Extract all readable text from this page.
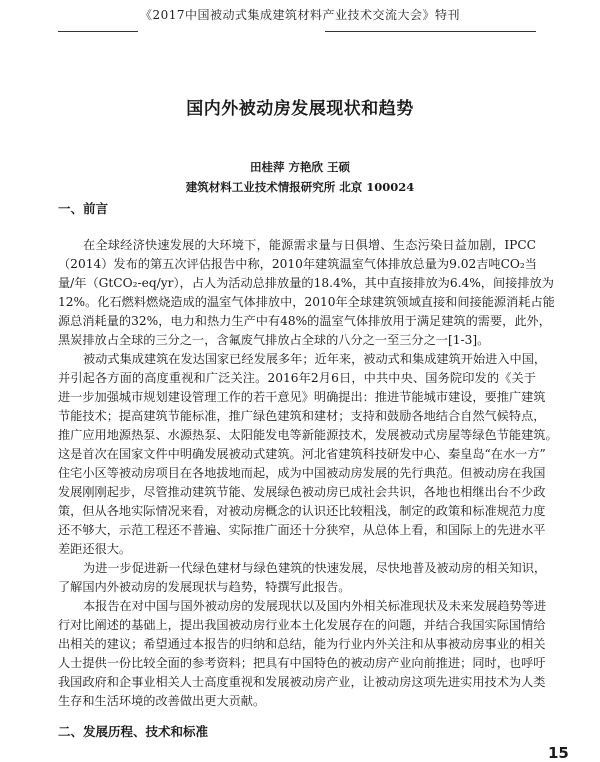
《2017中国被动式集成建筑材料产业技术交流大会》特刊
国内外被动房发展现状和趋势
田桂萍 方艳欣 王硕
建筑材料工业技术情报研究所 北京 100024
一、前言
在全球经济快速发展的大环境下，能源需求量与日俱增、生态污染日益加剧，IPCC
（2014）发布的第五次评估报告中称，2010年建筑温室气体排放总量为9.02吉吨CO₂当
量/年（GtCO₂-eq/yr），占人为活动总排放量的18.4%，其中直接排放为6.4%，间接排放为
12%。化石燃料燃烧造成的温室气体排放中，2010年全球建筑领域直接和间接能源消耗占能
源总消耗量的32%，电力和热力生产中有48%的温室气体排放用于满足建筑的需要，此外，
黑炭排放占全球的三分之一，含氟废气排放占全球的八分之一至三分之一[1-3]。
被动式集成建筑在发达国家已经发展多年；近年来，被动式和集成建筑开始进入中国，
并引起各方面的高度重视和广泛关注。2016年2月6日，中共中央、国务院印发的《关于
进一步加强城市规划建设管理工作的若干意见》明确提出：推进节能城市建设，要推广建筑
节能技术；提高建筑节能标准，推广绿色建筑和建材；支持和鼓励各地结合自然气候特点，
推广应用地源热泵、水源热泵、太阳能发电等新能源技术，发展被动式房屋等绿色节能建筑。
这是首次在国家文件中明确发展被动式建筑。河北省建筑科技研发中心、秦皇岛“在水一方”
住宅小区等被动房项目在各地拔地而起，成为中国被动房发展的先行典范。但被动房在我国
发展刚刚起步，尽管推动建筑节能、发展绿色被动房已成社会共识，各地也相继出台不少政
策，但从各地实际情况来看，对被动房概念的认识还比较粗浅，制定的政策和标准规范力度
还不够大，示范工程还不普遍、实际推广面还十分狭窄，从总体上看，和国际上的先进水平
差距还很大。
为进一步促进新一代绿色建材与绿色建筑的快速发展，尽快地普及被动房的相关知识，
了解国内外被动房的发展现状与趋势，特撰写此报告。
本报告在对中国与国外被动房的发展现状以及国内外相关标准现状及未来发展趋势等进
行对比阐述的基础上，提出我国被动房行业本土化发展存在的问题，并结合我国实际国情给
出相关的建议；希望通过本报告的归纳和总结，能为行业内外关注和从事被动房事业的相关
人士提供一份比较全面的参考资料；把具有中国特色的被动房产业向前推进；同时，也呼吁
我国政府和企事业相关人士高度重视和发展被动房产业，让被动房这项先进实用技术为人类
生存和生活环境的改善做出更大贡献。
二、发展历程、技术和标准
15
